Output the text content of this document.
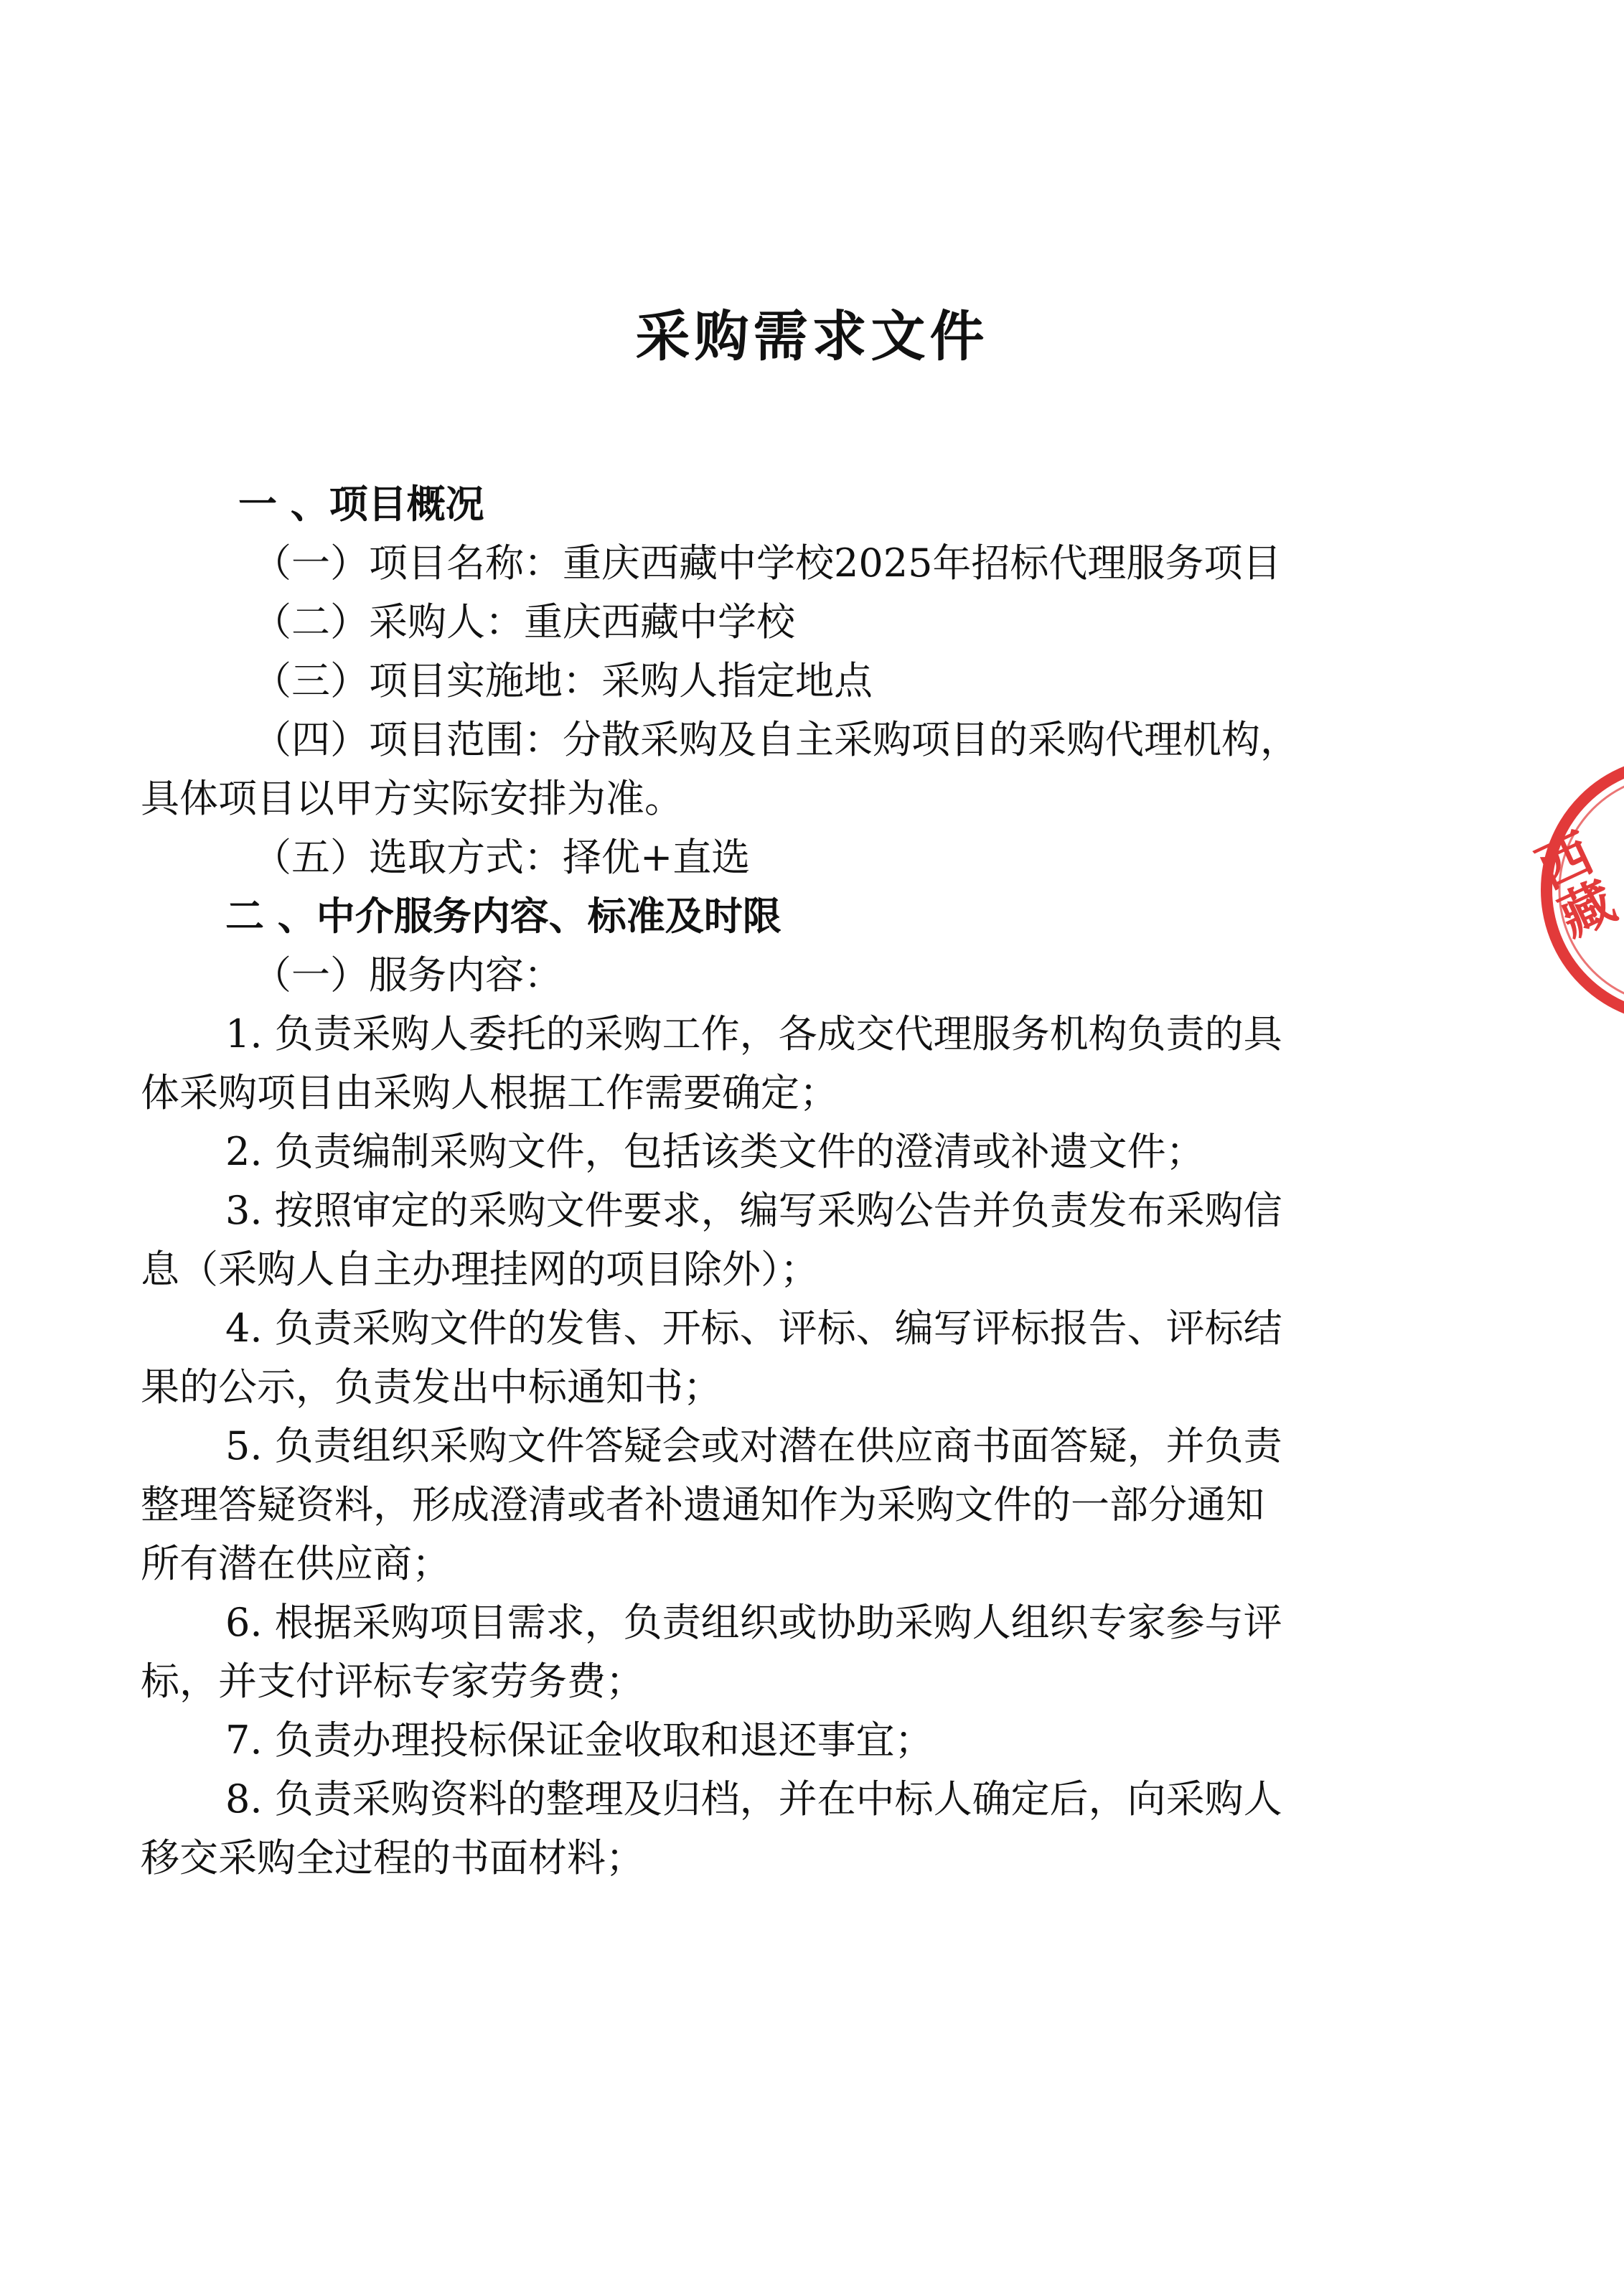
采购需求文件

一 、项目概况

（一）项目名称：重庆西藏中学校2025年招标代理服务项目

（二）采购人：重庆西藏中学校

（三）项目实施地：采购人指定地点

（四）项目范围：分散采购及自主采购项目的采购代理机构，

具体项目以甲方实际安排为准。

（五）选取方式：择优+直选

二 、中介服务内容、标准及时限

（一）服务内容：

1. 负责采购人委托的采购工作，各成交代理服务机构负责的具

体采购项目由采购人根据工作需要确定；

2. 负责编制采购文件，包括该类文件的澄清或补遗文件；

3. 按照审定的采购文件要求，编写采购公告并负责发布采购信

息（采购人自主办理挂网的项目除外）；

4. 负责采购文件的发售、开标、评标、编写评标报告、评标结

果的公示，负责发出中标通知书；

5. 负责组织采购文件答疑会或对潜在供应商书面答疑，并负责

整理答疑资料，形成澄清或者补遗通知作为采购文件的一部分通知

所有潜在供应商；

6. 根据采购项目需求，负责组织或协助采购人组织专家参与评

标，并支付评标专家劳务费；

7. 负责办理投标保证金收取和退还事宜；

8. 负责采购资料的整理及归档，并在中标人确定后，向采购人

移交采购全过程的书面材料；

西藏
